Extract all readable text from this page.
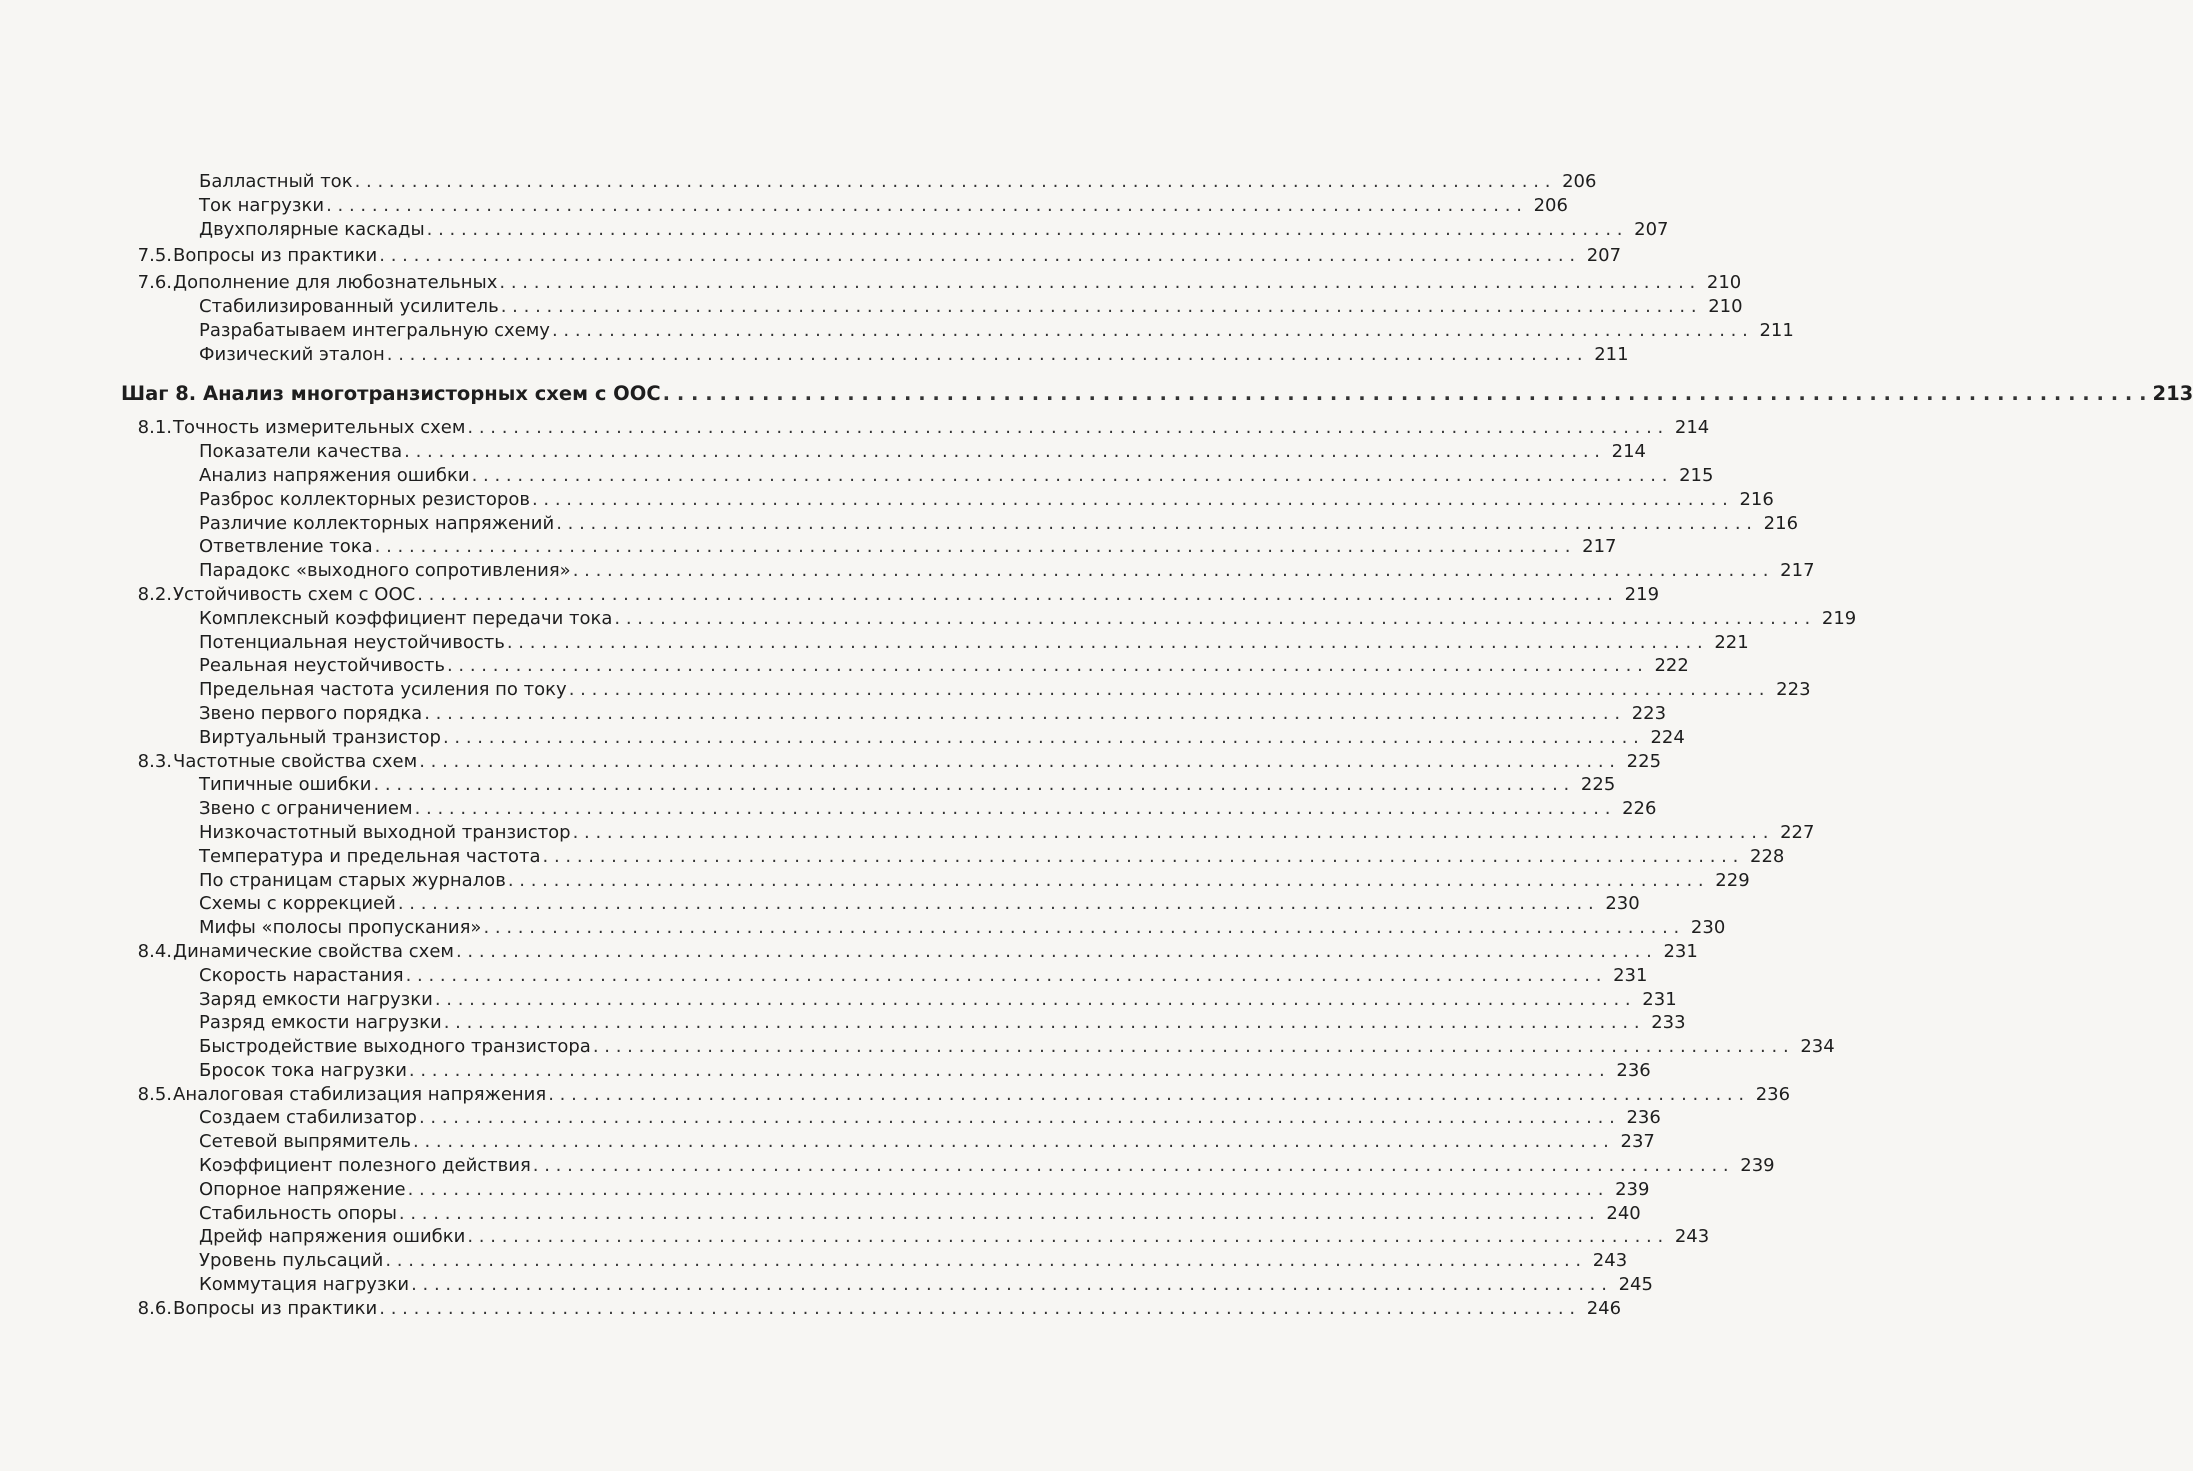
Балластный ток . . .	206
Ток нагрузки . . .	206
Двухполярные каскады . . .	207
7.5. Вопросы из практики . . .	207
7.6. Дополнение для любознательных . . .	210
Стабилизированный усилитель . . .	210
Разрабатываем интегральную схему . . .	211
Физический эталон . . .	211
Шаг 8. Анализ многотранзисторных схем с ООС . . .	213
8.1. Точность измерительных схем . . .	214
Показатели качества . . .	214
Анализ напряжения ошибки . . .	215
Разброс коллекторных резисторов . . .	216
Различие коллекторных напряжений . . .	216
Ответвление тока . . .	217
Парадокс «выходного сопротивления» . . .	217
8.2. Устойчивость схем с ООС . . .	219
Комплексный коэффициент передачи тока . . .	219
Потенциальная неустойчивость . . .	221
Реальная неустойчивость . . .	222
Предельная частота усиления по току . . .	223
Звено первого порядка . . .	223
Виртуальный транзистор . . .	224
8.3. Частотные свойства схем . . .	225
Типичные ошибки . . .	225
Звено с ограничением . . .	226
Низкочастотный выходной транзистор . . .	227
Температура и предельная частота . . .	228
По страницам старых журналов . . .	229
Схемы с коррекцией . . .	230
Мифы «полосы пропускания» . . .	230
8.4. Динамические свойства схем . . .	231
Скорость нарастания . . .	231
Заряд емкости нагрузки . . .	231
Разряд емкости нагрузки . . .	233
Быстродействие выходного транзистора . . .	234
Бросок тока нагрузки . . .	236
8.5. Аналоговая стабилизация напряжения . . .	236
Создаем стабилизатор . . .	236
Сетевой выпрямитель . . .	237
Коэффициент полезного действия . . .	239
Опорное напряжение . . .	239
Стабильность опоры . . .	240
Дрейф напряжения ошибки . . .	243
Уровень пульсаций . . .	243
Коммутация нагрузки . . .	245
8.6. Вопросы из практики . . .	246
